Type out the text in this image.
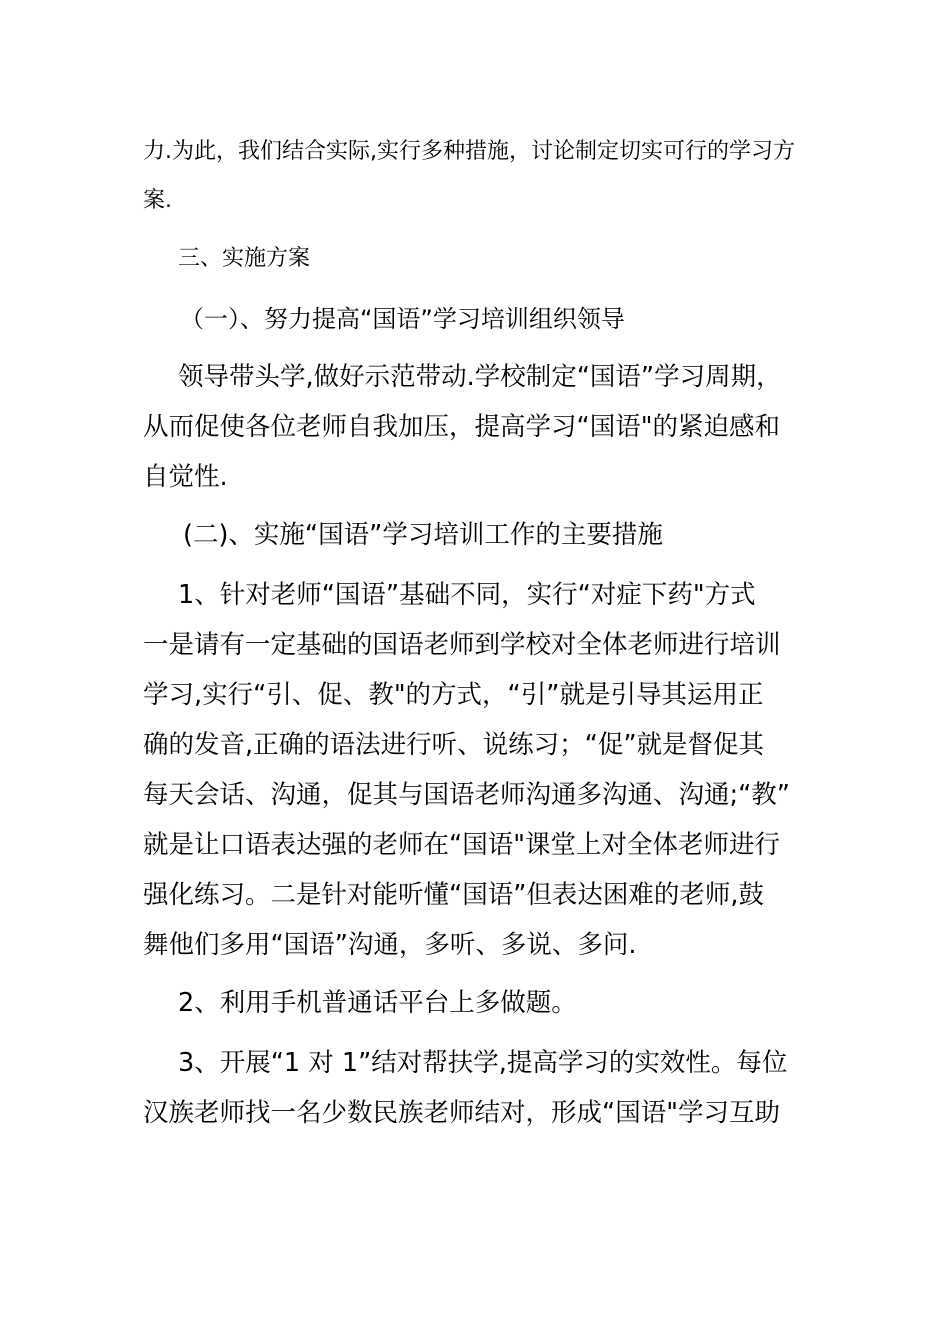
力.为此，我们结合实际,实行多种措施，讨论制定切实可行的学习方
案.
三、实施方案
（一）、努力提高“国语”学习培训组织领导
领导带头学,做好示范带动.学校制定“国语”学习周期，
从而促使各位老师自我加压，提高学习“国语"的紧迫感和
自觉性.
(二)、实施“国语”学习培训工作的主要措施
1、针对老师“国语”基础不同，实行“对症下药"方式
一是请有一定基础的国语老师到学校对全体老师进行培训
学习,实行“引、促、教"的方式，“引”就是引导其运用正
确的发音,正确的语法进行听、说练习；“促”就是督促其
每天会话、沟通，促其与国语老师沟通多沟通、沟通;“教”
就是让口语表达强的老师在“国语"课堂上对全体老师进行
强化练习。二是针对能听懂“国语”但表达困难的老师,鼓
舞他们多用“国语”沟通，多听、多说、多问.
2、利用手机普通话平台上多做题。
3、开展“1 对 1”结对帮扶学,提高学习的实效性。每位
汉族老师找一名少数民族老师结对，形成“国语"学习互助
